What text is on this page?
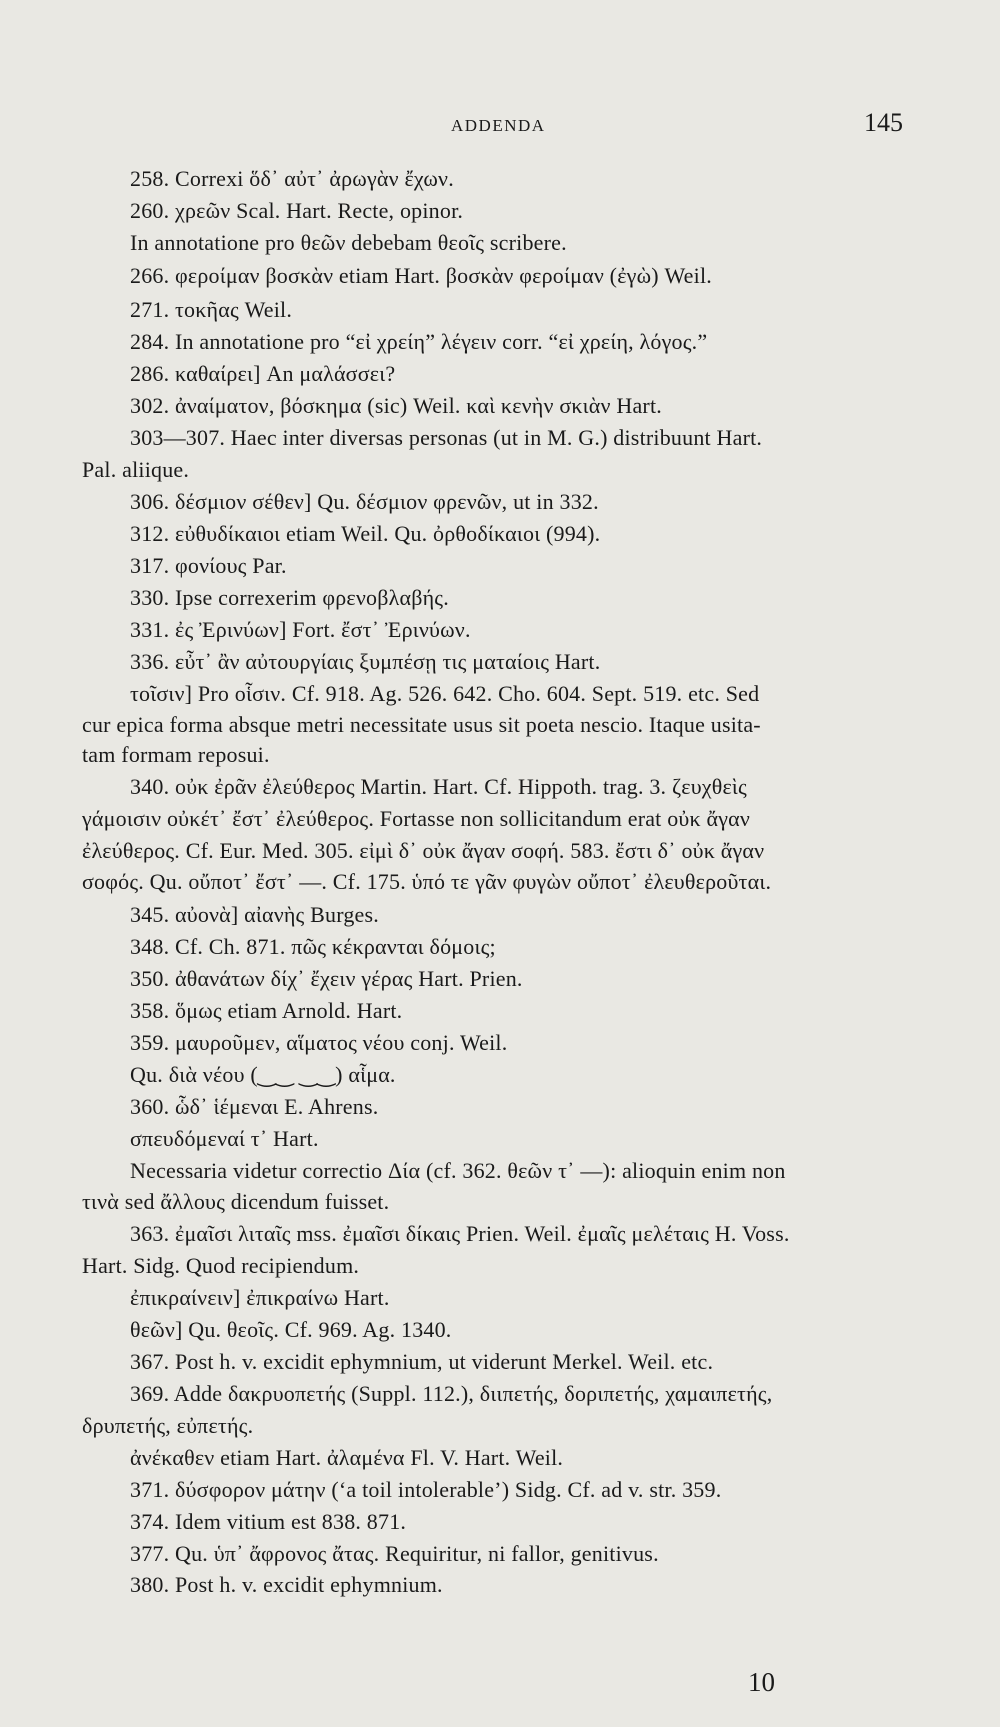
ADDENDA	145
258. Correxi ὅδ᾽ αὐτ᾽ ἀρωγὰν ἔχων.
260. χρεῶν Scal. Hart. Recte, opinor.
In annotatione pro θεῶν debebam θεοῖς scribere.
266. φεροίμαν βοσκὰν etiam Hart. βοσκὰν φεροίμαν (ἐγὼ) Weil.
271. τοκῆας Weil.
284. In annotatione pro “εἰ χρείη” λέγειν corr. “εἰ χρείη, λόγος.”
286. καθαίρει] An μαλάσσει?
302. ἀναίματον, βόσκημα (sic) Weil. καὶ κενὴν σκιὰν Hart.
303—307. Haec inter diversas personas (ut in M. G.) distribuunt Hart.
Pal. aliique.
306. δέσμιον σέθεν] Qu. δέσμιον φρενῶν, ut in 332.
312. εὐθυδίκαιοι etiam Weil. Qu. ὀρθοδίκαιοι (994).
317. φονίους Par.
330. Ipse correxerim φρενοβλαβής.
331. ἐς Ἐρινύων] Fort. ἔστ᾽ Ἐρινύων.
336. εὖτ᾽ ἂν αὐτουργίαις ξυμπέσῃ τις ματαίοις Hart.
τοῖσιν] Pro οἷσιν. Cf. 918. Ag. 526. 642. Cho. 604. Sept. 519. etc. Sed
cur epica forma absque metri necessitate usus sit poeta nescio. Itaque usita-
tam formam reposui.
340. οὐκ ἐρᾶν ἐλεύθερος Martin. Hart. Cf. Hippoth. trag. 3. ζευχθεὶς
γάμοισιν οὐκέτ᾽ ἔστ᾽ ἐλεύθερος. Fortasse non sollicitandum erat οὐκ ἄγαν
ἐλεύθερος. Cf. Eur. Med. 305. εἰμὶ δ᾽ οὐκ ἄγαν σοφή. 583. ἔστι δ᾽ οὐκ ἄγαν
σοφός. Qu. οὔποτ᾽ ἔστ᾽ —. Cf. 175. ὑπό τε γᾶν φυγὼν οὔποτ᾽ ἐλευθεροῦται.
345. αὐονὰ] αἰανὴς Burges.
348. Cf. Ch. 871. πῶς κέκρανται δόμοις;
350. ἀθανάτων δίχ᾽ ἔχειν γέρας Hart. Prien.
358. ὅμως etiam Arnold. Hart.
359. μαυροῦμεν, αἵματος νέου conj. Weil.
Qu. διὰ νέου (‿‿ ‿‿) αἷμα.
360. ὧδ᾽ ἱέμεναι E. Ahrens.
σπευδόμεναί τ᾽ Hart.
Necessaria videtur correctio Δία (cf. 362. θεῶν τ᾽ —): alioquin enim non
τινὰ sed ἄλλους dicendum fuisset.
363. ἐμαῖσι λιταῖς mss. ἐμαῖσι δίκαις Prien. Weil. ἐμαῖς μελέταις H. Voss.
Hart. Sidg. Quod recipiendum.
ἐπικραίνειν] ἐπικραίνω Hart.
θεῶν] Qu. θεοῖς. Cf. 969. Ag. 1340.
367. Post h. v. excidit ephymnium, ut viderunt Merkel. Weil. etc.
369. Adde δακρυοπετής (Suppl. 112.), διιπετής, δοριπετής, χαμαιπετής,
δρυπετής, εὐπετής.
ἀνέκαθεν etiam Hart. ἀλαμένα Fl. V. Hart. Weil.
371. δύσφορον μάτην (‘a toil intolerable’) Sidg. Cf. ad v. str. 359.
374. Idem vitium est 838. 871.
377. Qu. ὑπ᾽ ἄφρονος ἄτας. Requiritur, ni fallor, genitivus.
380. Post h. v. excidit ephymnium.
10
